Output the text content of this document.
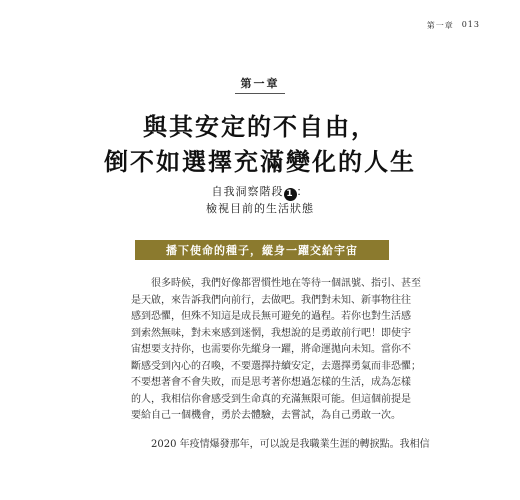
第一章 013
第一章
與其安定的不自由，
倒不如選擇充滿變化的人生
自我洞察階段 1 ：
檢視目前的生活狀態
播下使命的種子，縱身一躍交給宇宙
很多時候，我們好像都習慣性地在等待一個訊號、指引、甚至
是天啟，來告訴我們向前行，去做吧。我們對未知、新事物往往
感到恐懼，但殊不知這是成長無可避免的過程。若你也對生活感
到索然無味，對未來感到迷惘，我想說的是勇敢前行吧！即使宇
宙想要支持你，也需要你先縱身一躍，將命運拋向未知。當你不
斷感受到內心的召喚，不要選擇持續安定，去選擇勇氣而非恐懼；
不要想著會不會失敗，而是思考著你想過怎樣的生活，成為怎樣
的人，我相信你會感受到生命真的充滿無限可能。但這個前提是
要給自己一個機會，勇於去體驗，去嘗試，為自己勇敢一次。
2020 年疫情爆發那年，可以說是我職業生涯的轉捩點。我相信
